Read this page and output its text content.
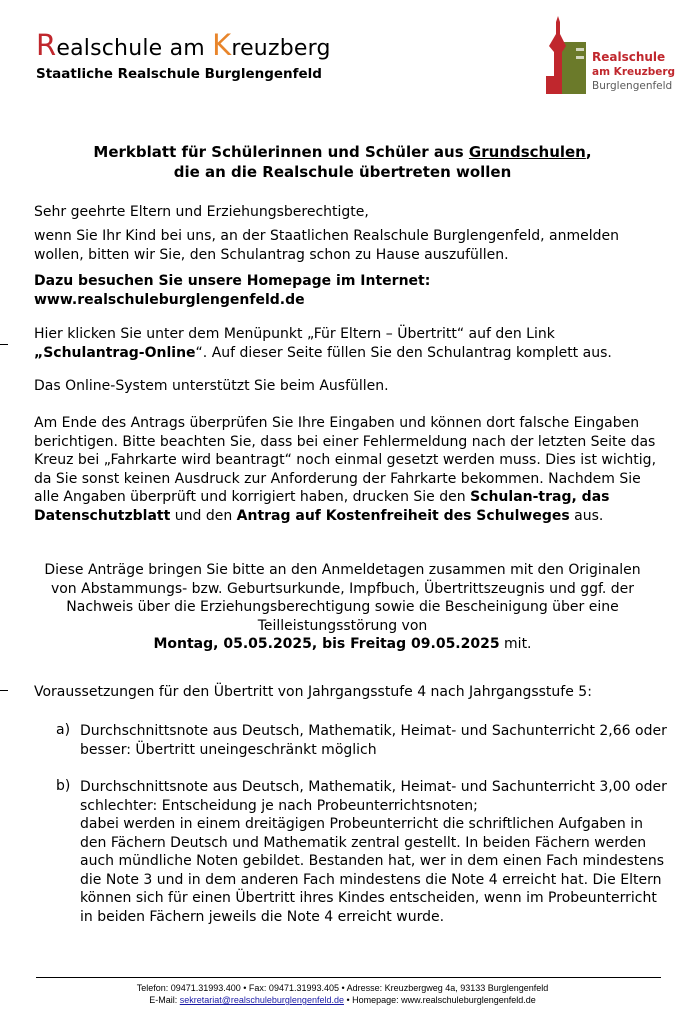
Realschule am Kreuzberg
Staatliche Realschule Burglengenfeld
Realschule
am Kreuzberg
Burglengenfeld
Merkblatt für Schülerinnen und Schüler aus Grundschulen,
die an die Realschule übertreten wollen
Sehr geehrte Eltern und Erziehungsberechtigte,
wenn Sie Ihr Kind bei uns, an der Staatlichen Realschule Burglengenfeld, anmelden wollen, bitten wir Sie, den Schulantrag schon zu Hause auszufüllen.
Dazu besuchen Sie unsere Homepage im Internet:
www.realschuleburglengenfeld.de
Hier klicken Sie unter dem Menüpunkt „Für Eltern – Übertritt“ auf den Link „Schulantrag-Online“. Auf dieser Seite füllen Sie den Schulantrag komplett aus.
Das Online-System unterstützt Sie beim Ausfüllen.
Am Ende des Antrags überprüfen Sie Ihre Eingaben und können dort falsche Eingaben berichtigen. Bitte beachten Sie, dass bei einer Fehlermeldung nach der letzten Seite das Kreuz bei „Fahrkarte wird beantragt“ noch einmal gesetzt werden muss. Dies ist wichtig, da Sie sonst keinen Ausdruck zur Anforderung der Fahrkarte bekommen. Nachdem Sie alle Angaben überprüft und korrigiert haben, drucken Sie den Schulan-trag, das Datenschutzblatt und den Antrag auf Kostenfreiheit des Schulweges aus.
Diese Anträge bringen Sie bitte an den Anmeldetagen zusammen mit den Originalen von Abstammungs- bzw. Geburtsurkunde, Impfbuch, Übertrittszeugnis und ggf. der Nachweis über die Erziehungsberechtigung sowie die Bescheinigung über eine Teilleistungsstörung von
Montag, 05.05.2025, bis Freitag 09.05.2025 mit.
Voraussetzungen für den Übertritt von Jahrgangsstufe 4 nach Jahrgangsstufe 5:
a) Durchschnittsnote aus Deutsch, Mathematik, Heimat- und Sachunterricht 2,66 oder besser: Übertritt uneingeschränkt möglich
b) Durchschnittsnote aus Deutsch, Mathematik, Heimat- und Sachunterricht 3,00 oder schlechter: Entscheidung je nach Probeunterrichtsnoten;
dabei werden in einem dreitägigen Probeunterricht die schriftlichen Aufgaben in den Fächern Deutsch und Mathematik zentral gestellt. In beiden Fächern werden auch mündliche Noten gebildet. Bestanden hat, wer in dem einen Fach mindestens die Note 3 und in dem anderen Fach mindestens die Note 4 erreicht hat. Die Eltern können sich für einen Übertritt ihres Kindes entscheiden, wenn im Probeunterricht in beiden Fächern jeweils die Note 4 erreicht wurde.
Telefon: 09471.31993.400 • Fax: 09471.31993.405 • Adresse: Kreuzbergweg 4a, 93133 Burglengenfeld
E-Mail: sekretariat@realschuleburglengenfeld.de • Homepage: www.realschuleburglengenfeld.de
